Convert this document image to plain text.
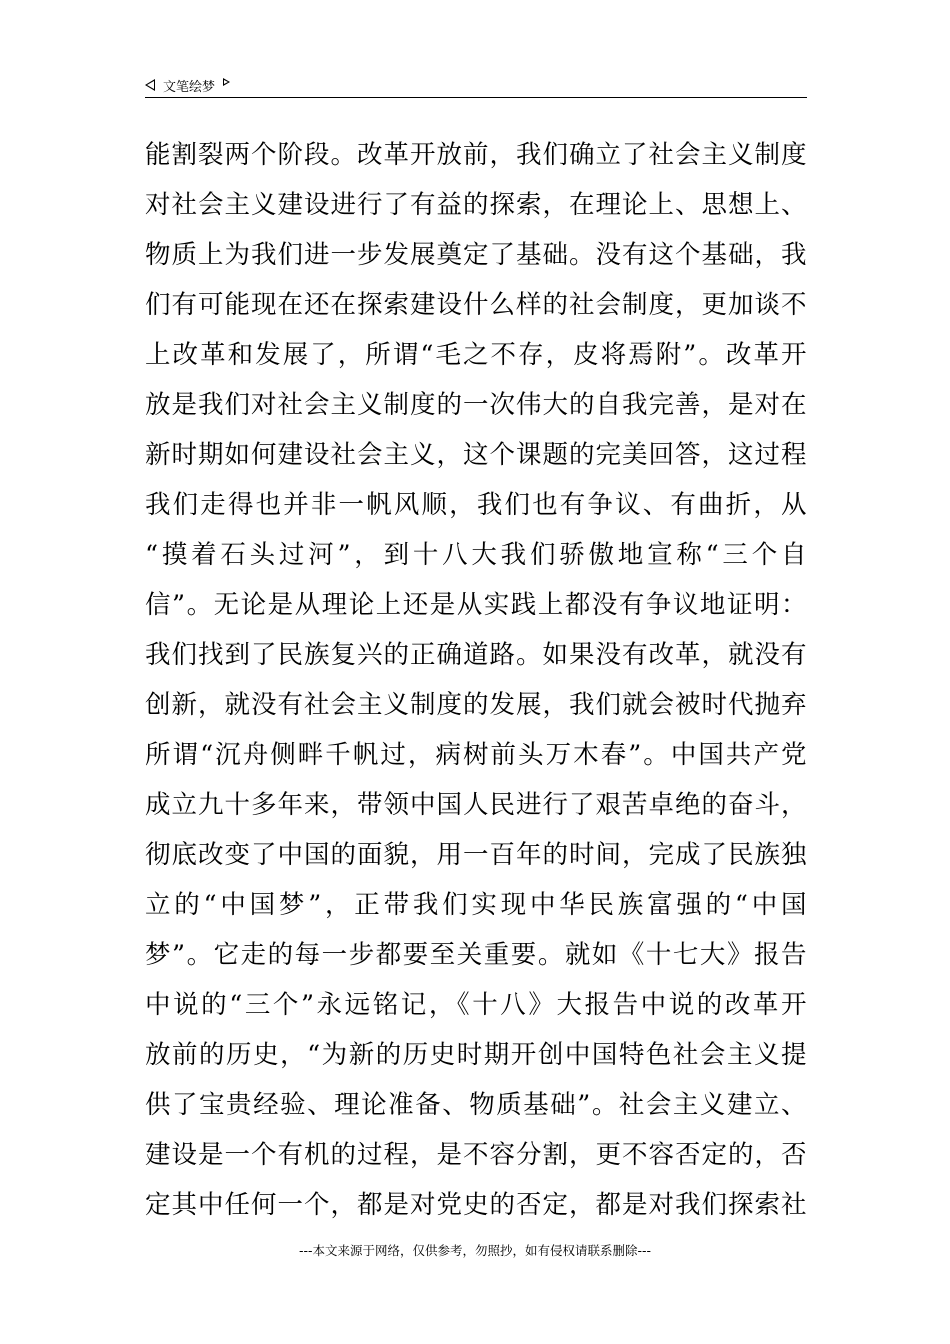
文笔绘梦
能割裂两个阶段。改革开放前，我们确立了社会主义制度
对社会主义建设进行了有益的探索，在理论上、思想上、
物质上为我们进一步发展奠定了基础。没有这个基础，我
们有可能现在还在探索建设什么样的社会制度，更加谈不
上改革和发展了，所谓“毛之不存，皮将焉附”。改革开
放是我们对社会主义制度的一次伟大的自我完善，是对在
新时期如何建设社会主义，这个课题的完美回答，这过程
我们走得也并非一帆风顺，我们也有争议、有曲折，从
“摸着石头过河”，到十八大我们骄傲地宣称“三个自
信”。无论是从理论上还是从实践上都没有争议地证明：
我们找到了民族复兴的正确道路。如果没有改革，就没有
创新，就没有社会主义制度的发展，我们就会被时代抛弃
所谓“沉舟侧畔千帆过，病树前头万木春”。中国共产党
成立九十多年来，带领中国人民进行了艰苦卓绝的奋斗，
彻底改变了中国的面貌，用一百年的时间，完成了民族独
立的“中国梦”，正带我们实现中华民族富强的“中国
梦”。它走的每一步都要至关重要。就如《十七大》报告
中说的“三个”永远铭记，《十八》大报告中说的改革开
放前的历史，“为新的历史时期开创中国特色社会主义提
供了宝贵经验、理论准备、物质基础”。社会主义建立、
建设是一个有机的过程，是不容分割，更不容否定的，否
定其中任何一个，都是对党史的否定，都是对我们探索社
---本文来源于网络，仅供参考，勿照抄，如有侵权请联系删除---
